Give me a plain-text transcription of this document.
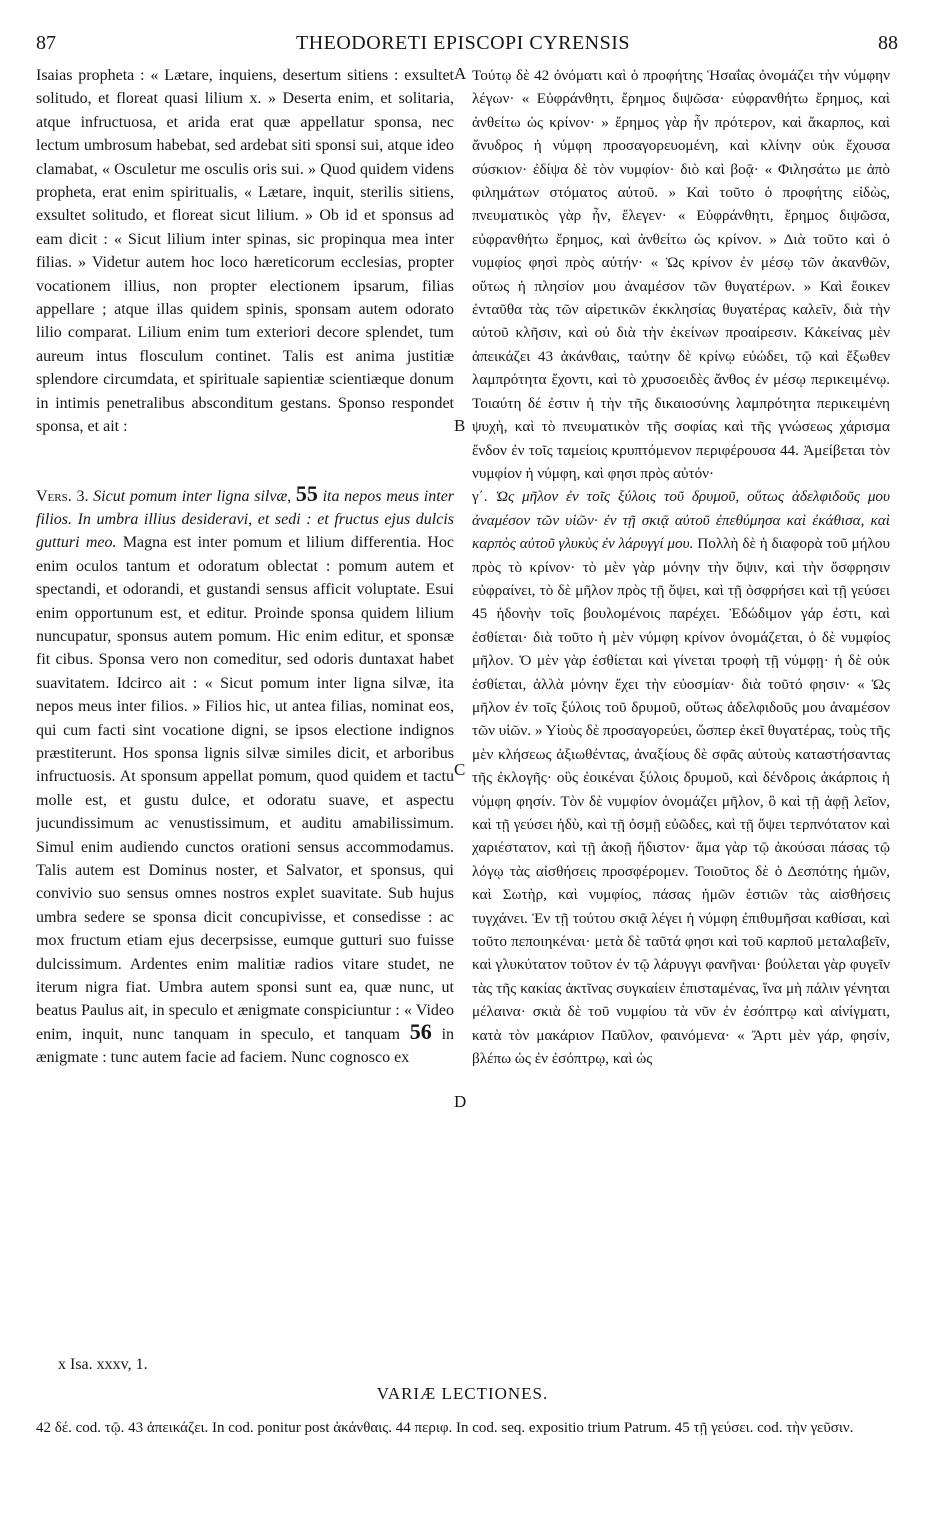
87	THEODORETI EPISCOPI CYRENSIS	88

Isaias propheta : « Lætare, inquiens, desertum sitiens : exsultet solitudo, et floreat quasi lilium x. » Deserta enim, et solitaria, atque infructuosa, et arida erat quæ appellatur sponsa, nec lectum umbrosum habebat, sed ardebat siti sponsi sui, atque ideo clamabat, « Osculetur me osculis oris sui. » Quod quidem videns propheta, erat enim spiritualis, « Lætare, inquit, sterilis sitiens, exsultet solitudo, et floreat sicut lilium. » Ob id et sponsus ad eam dicit : « Sicut lilium inter spinas, sic propinqua mea inter filias. » Videtur autem hoc loco hæreticorum ecclesias, propter vocationem illius, non propter electionem ipsarum, filias appellare ; atque illas quidem spinis, sponsam autem odorato lilio comparat. Lilium enim tum exteriori decore splendet, tum aureum intus flosculum continet. Talis est anima justitiæ splendore circumdata, et spirituale sapientiæ scientiæque donum in intimis penetralibus absconditum gestans. Sponso respondet sponsa, et ait :

Vers. 3. Sicut pomum inter ligna silvæ, 55 ita nepos meus inter filios. In umbra illius desideravi, et sedi : et fructus ejus dulcis gutturi meo. Magna est inter pomum et lilium differentia. Hoc enim oculos tantum et odoratum oblectat : pomum autem et spectandi, et odorandi, et gustandi sensus afficit voluptate. Esui enim opportunum est, et editur. Proinde sponsa quidem lilium nuncupatur, sponsus autem pomum. Hic enim editur, et sponsæ fit cibus. Sponsa vero non comeditur, sed odoris duntaxat habet suavitatem. Idcirco ait : « Sicut pomum inter ligna silvæ, ita nepos meus inter filios. » Filios hic, ut antea filias, nominat eos, qui cum facti sint vocatione digni, se ipsos electione indignos præstiterunt. Hos sponsa lignis silvæ similes dicit, et arboribus infructuosis. At sponsum appellat pomum, quod quidem et tactu molle est, et gustu dulce, et odoratu suave, et aspectu jucundissimum ac venustissimum, et auditu amabilissimum. Simul enim audiendo cunctos orationi sensus accommodamus. Talis autem est Dominus noster, et Salvator, et sponsus, qui convivio suo sensus omnes nostros explet suavitate. Sub hujus umbra sedere se sponsa dicit concupivisse, et consedisse : ac mox fructum etiam ejus decerpsisse, eumque gutturi suo fuisse dulcissimum. Ardentes enim malitiæ radios vitare studet, ne iterum nigra fiat. Umbra autem sponsi sunt ea, quæ nunc, ut beatus Paulus ait, in speculo et ænigmate conspiciuntur : « Video enim, inquit, nunc tanquam in speculo, et tanquam 56 in ænigmate : tunc autem facie ad faciem. Nunc cognosco ex

A
B
C
D

Τούτῳ δὲ 42 ὀνόματι καὶ ὁ προφήτης Ἡσαΐας ὀνομάζει τὴν νύμφην λέγων· « Εὐφράνθητι, ἔρημος διψῶσα· εὐφρανθήτω ἔρημος, καὶ ἀνθείτω ὡς κρίνον· » ἔρημος γὰρ ἦν πρότερον, καὶ ἄκαρπος, καὶ ἄνυδρος ἡ νύμφη προσαγορευομένη, καὶ κλίνην οὐκ ἔχουσα σύσκιον· ἐδίψα δὲ τὸν νυμφίον· διὸ καὶ βοᾷ· « Φιλησάτω με ἀπὸ φιλημάτων στόματος αὐτοῦ. » Καὶ τοῦτο ὁ προφήτης εἰδὼς, πνευματικὸς γὰρ ἦν, ἔλεγεν· « Εὐφράνθητι, ἔρημος διψῶσα, εὐφρανθήτω ἔρημος, καὶ ἀνθείτω ὡς κρίνον. » Διὰ τοῦτο καὶ ὁ νυμφίος φησὶ πρὸς αὐτήν· « Ὡς κρίνον ἐν μέσῳ τῶν ἀκανθῶν, οὕτως ἡ πλησίον μου ἀναμέσον τῶν θυγατέρων. » Καὶ ἔοικεν ἐνταῦθα τὰς τῶν αἱρετικῶν ἐκκλησίας θυγατέρας καλεῖν, διὰ τὴν αὐτοῦ κλῆσιν, καὶ οὐ διὰ τὴν ἐκείνων προαίρεσιν. Κἀκείνας μὲν ἀπεικάζει 43 ἀκάνθαις, ταύτην δὲ κρίνῳ εὐώδει, τῷ καὶ ἔξωθεν λαμπρότητα ἔχοντι, καὶ τὸ χρυσοειδὲς ἄνθος ἐν μέσῳ περικειμένῳ. Τοιαύτη δέ ἐστιν ἡ τὴν τῆς δικαιοσύνης λαμπρότητα περικειμένη ψυχὴ, καὶ τὸ πνευματικὸν τῆς σοφίας καὶ τῆς γνώσεως χάρισμα ἔνδον ἐν τοῖς ταμείοις κρυπτόμενον περιφέρουσα 44. Ἀμείβεται τὸν νυμφίον ἡ νύμφη, καὶ φησι πρὸς αὐτόν·

γ΄. Ὡς μῆλον ἐν τοῖς ξύλοις τοῦ δρυμοῦ, οὕτως ἀδελφιδοῦς μου ἀναμέσον τῶν υἱῶν· ἐν τῇ σκιᾷ αὐτοῦ ἐπεθύμησα καὶ ἐκάθισα, καὶ καρπὸς αὐτοῦ γλυκὺς ἐν λάρυγγί μου. Πολλὴ δὲ ἡ διαφορὰ τοῦ μήλου πρὸς τὸ κρίνον· τὸ μὲν γὰρ μόνην τὴν ὄψιν, καὶ τὴν ὄσφρησιν εὐφραίνει, τὸ δὲ μῆλον πρὸς τῇ ὄψει, καὶ τῇ ὀσφρήσει καὶ τῇ γεύσει 45 ἡδονὴν τοῖς βουλομένοις παρέχει. Ἐδώδιμον γάρ ἐστι, καὶ ἐσθίεται· διὰ τοῦτο ἡ μὲν νύμφη κρίνον ὀνομάζεται, ὁ δὲ νυμφίος μῆλον. Ὁ μὲν γὰρ ἐσθίεται καὶ γίνεται τροφὴ τῇ νύμφῃ· ἡ δὲ οὐκ ἐσθίεται, ἀλλὰ μόνην ἔχει τὴν εὐοσμίαν· διὰ τοῦτό φησιν· « Ὡς μῆλον ἐν τοῖς ξύλοις τοῦ δρυμοῦ, οὕτως ἀδελφιδοῦς μου ἀναμέσον τῶν υἱῶν. » Υἱοὺς δὲ προσαγορεύει, ὥσπερ ἐκεῖ θυγατέρας, τοὺς τῆς μὲν κλήσεως ἀξιωθέντας, ἀναξίους δὲ σφᾶς αὐτοὺς καταστήσαντας τῆς ἐκλογῆς· οὓς ἐοικέναι ξύλοις δρυμοῦ, καὶ δένδροις ἀκάρποις ἡ νύμφη φησίν. Τὸν δὲ νυμφίον ὀνομάζει μῆλον, ὃ καὶ τῇ ἀφῇ λεῖον, καὶ τῇ γεύσει ἡδὺ, καὶ τῇ ὀσμῇ εὐῶδες, καὶ τῇ ὄψει τερπνότατον καὶ χαριέστατον, καὶ τῇ ἀκοῇ ἥδιστον· ἅμα γὰρ τῷ ἀκούσαι πάσας τῷ λόγῳ τὰς αἰσθήσεις προσφέρομεν. Τοιοῦτος δὲ ὁ Δεσπότης ἡμῶν, καὶ Σωτὴρ, καὶ νυμφίος, πάσας ἡμῶν ἑστιῶν τὰς αἰσθήσεις τυγχάνει. Ἐν τῇ τούτου σκιᾷ λέγει ἡ νύμφη ἐπιθυμῆσαι καθίσαι, καὶ τοῦτο πεποιηκέναι· μετὰ δὲ ταῦτά φησι καὶ τοῦ καρποῦ μεταλαβεῖν, καὶ γλυκύτατον τοῦτον ἐν τῷ λάρυγγι φανῆναι· βούλεται γὰρ φυγεῖν τὰς τῆς κακίας ἀκτῖνας συγκαίειν ἐπισταμένας, ἵνα μὴ πάλιν γένηται μέλαινα· σκιὰ δὲ τοῦ νυμφίου τὰ νῦν ἐν ἐσόπτρῳ καὶ αἰνίγματι, κατὰ τὸν μακάριον Παῦλον, φαινόμενα· « Ἄρτι μὲν γάρ, φησίν, βλέπω ὡς ἐν ἐσόπτρῳ, καὶ ὡς

x Isa. xxxv, 1.
VARIÆ LECTIONES.
42 δέ. cod. τῷ. 43 ἀπεικάζει. In cod. ponitur post ἀκάνθαις. 44 περιφ. In cod. seq. expositio trium Patrum. 45 τῇ γεύσει. cod. τὴν γεῦσιν.
